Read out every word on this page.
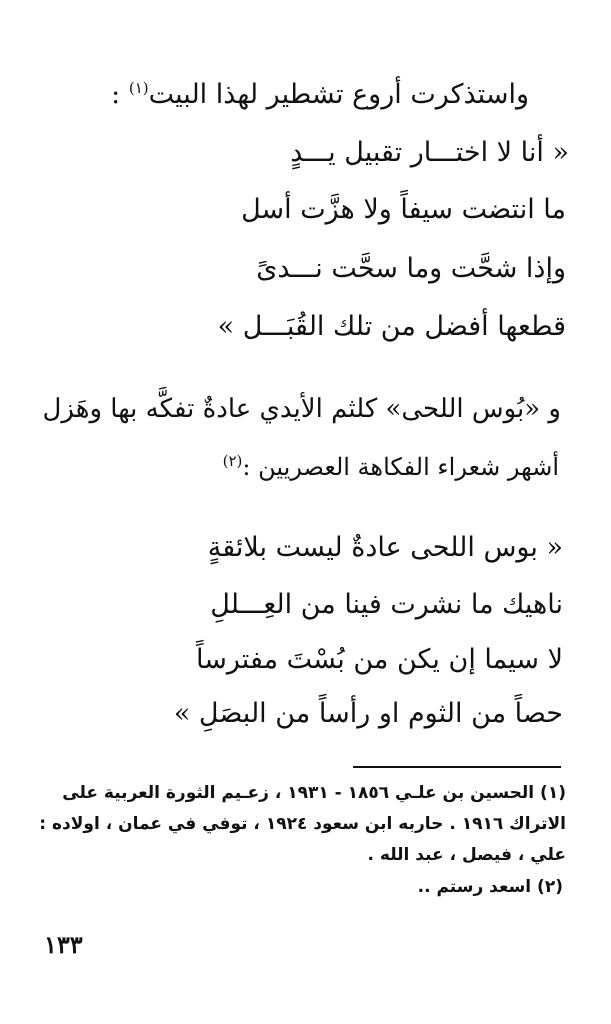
واستذكرت أروع تشطير لهذا البيت$^{(١)}$ :
« أنا لا اختـــار تقبيل يـــدٍ
ما انتضت سيفاً ولا هزَّت أسل
وإذا شحَّت وما سحَّت نـــدىً
قطعها أفضل من تلك القُبَـــل »
و «بُوس اللحى» كلثم الأيدي عادةٌ تفكَّه بها وهَزل
أشهر شعراء الفكاهة العصريين :$^{(٢)}$
« بوس اللحى عادةٌ ليست بلائقةٍ
ناهيك ما نشرت فينا من العِـــللِ
لا سيما إن يكن من بُسْتَ مفترساً
حصاً من الثوم او رأساً من البصَلِ »
(١) الحسين بن علـي ١٨٥٦ - ١٩٣١ ، زعـيم الثورة العربية على
الاتراك ١٩١٦ . حاربه ابن سعود ١٩٢٤ ، توفي في عمان ، اولاده :
علي ، فيصل ، عبد الله .
(٢) اسعد رستم ..
١٣٣
